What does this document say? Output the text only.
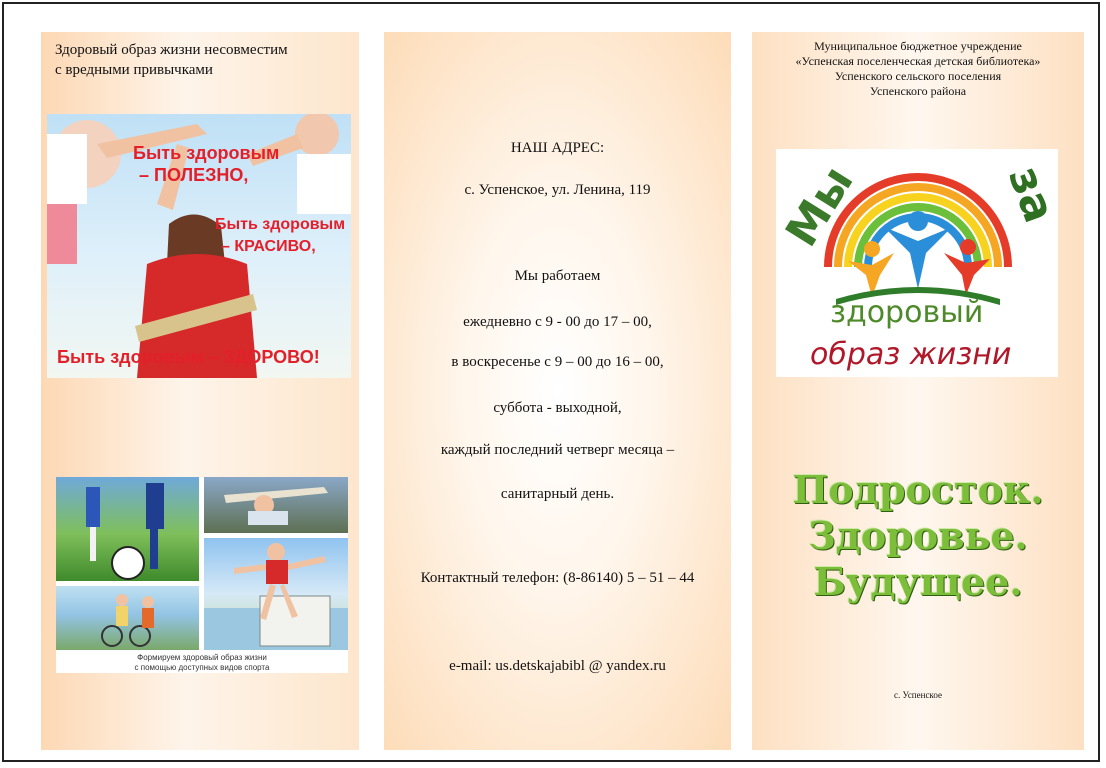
Здоровый образ жизни несовместим
с вредными привычками
Быть здоровым
– ПОЛЕЗНО,
Быть здоровым
– КРАСИВО,
Быть здоровым – ЗДОРОВО!
Формируем здоровый образ жизни
с помощью доступных видов спорта
НАШ АДРЕС:
с. Успенское, ул. Ленина, 119
Мы работаем
ежедневно с 9 - 00 до 17 – 00,
в воскресенье с 9 – 00 до 16 – 00,
суббота - выходной,
каждый последний четверг месяца –
санитарный день.
Контактный телефон: (8-86140) 5 – 51 – 44
e-mail: us.detskajabibl @ yandex.ru
Муниципальное бюджетное учреждение
«Успенская поселенческая детская библиотека»
Успенского сельского поселения
Успенского района
Мы	за
здоровый
образ жизни
Подросток.
Здоровье.
Будущее.
с. Успенское
